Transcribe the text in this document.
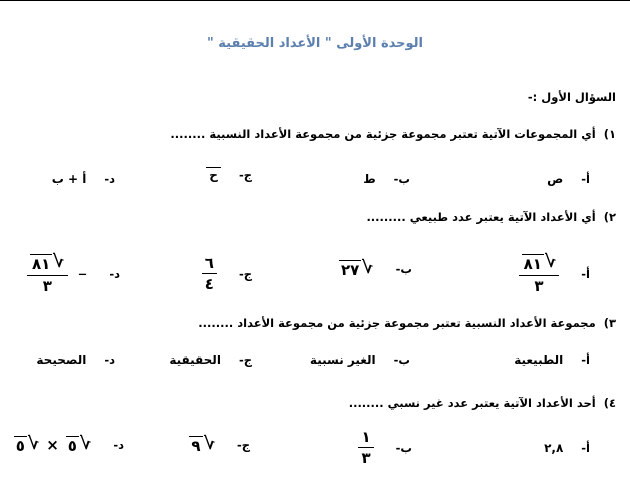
الوحدة الأولى " الأعداد الحقيقية "
السؤال الأول :-
١)أي المجموعات الآتية تعتبر مجموعة جزئية من مجموعة الأعداد النسبية ........
أ-ص
ب-ط
ج-ح
د-أ + ب
٢)أي الأعداد الآتية يعتبر عدد طبيعي .........
أ-
√
٨١
٣
ب-
√
٢٧
ج-
$\frac{٦}{٤}$
د- −
√
٨١
٣
٣)مجموعة الأعداد النسبية تعتبر مجموعة جزئية من مجموعة الأعداد ........
أ-الطبيعية
ب-الغير نسبية
ج-الحقيقية
د-الصحيحة
٤)أحد الأعداد الآتية يعتبر عدد غير نسبي ........
أ-٢,٨
ب-
$\frac{١}{٣}$
ج-
√
٩
د-
√
٥
×
√
٥
